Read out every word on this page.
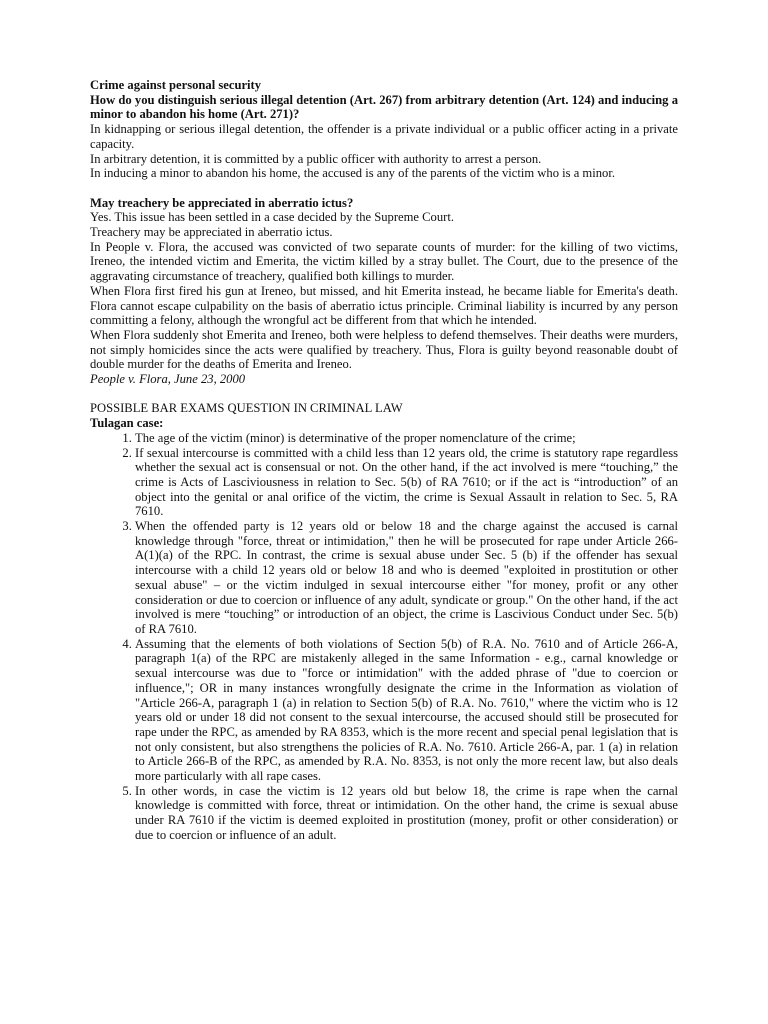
Crime against personal security

How do you distinguish serious illegal detention (Art. 267) from arbitrary detention (Art. 124) and inducing a minor to abandon his home (Art. 271)?

In kidnapping or serious illegal detention, the offender is a private individual or a public officer acting in a private capacity.

In arbitrary detention, it is committed by a public officer with authority to arrest a person.

In inducing a minor to abandon his home, the accused is any of the parents of the victim who is a minor.

May treachery be appreciated in aberratio ictus?

Yes. This issue has been settled in a case decided by the Supreme Court.

Treachery may be appreciated in aberratio ictus.

In People v. Flora, the accused was convicted of two separate counts of murder: for the killing of two victims, Ireneo, the intended victim and Emerita, the victim killed by a stray bullet. The Court, due to the presence of the aggravating circumstance of treachery, qualified both killings to murder.

When Flora first fired his gun at Ireneo, but missed, and hit Emerita instead, he became liable for Emerita's death. Flora cannot escape culpability on the basis of aberratio ictus principle. Criminal liability is incurred by any person committing a felony, although the wrongful act be different from that which he intended.

When Flora suddenly shot Emerita and Ireneo, both were helpless to defend themselves. Their deaths were murders, not simply homicides since the acts were qualified by treachery. Thus, Flora is guilty beyond reasonable doubt of double murder for the deaths of Emerita and Ireneo.

People v. Flora, June 23, 2000

POSSIBLE BAR EXAMS QUESTION IN CRIMINAL LAW

Tulagan case:

1. The age of the victim (minor) is determinative of the proper nomenclature of the crime;
2. If sexual intercourse is committed with a child less than 12 years old, the crime is statutory rape regardless whether the sexual act is consensual or not. On the other hand, if the act involved is mere “touching,” the crime is Acts of Lasciviousness in relation to Sec. 5(b) of RA 7610; or if the act is “introduction” of an object into the genital or anal orifice of the victim, the crime is Sexual Assault in relation to Sec. 5, RA 7610.
3. When the offended party is 12 years old or below 18 and the charge against the accused is carnal knowledge through "force, threat or intimidation," then he will be prosecuted for rape under Article 266-A(1)(a) of the RPC. In contrast, the crime is sexual abuse under Sec. 5 (b) if the offender has sexual intercourse with a child 12 years old or below 18 and who is deemed "exploited in prostitution or other sexual abuse" – or the victim indulged in sexual intercourse either "for money, profit or any other consideration or due to coercion or influence of any adult, syndicate or group." On the other hand, if the act involved is mere “touching” or introduction of an object, the crime is Lascivious Conduct under Sec. 5(b) of RA 7610.
4. Assuming that the elements of both violations of Section 5(b) of R.A. No. 7610 and of Article 266-A, paragraph 1(a) of the RPC are mistakenly alleged in the same Information - e.g., carnal knowledge or sexual intercourse was due to "force or intimidation" with the added phrase of "due to coercion or influence,"; OR in many instances wrongfully designate the crime in the Information as violation of "Article 266-A, paragraph 1 (a) in relation to Section 5(b) of R.A. No. 7610," where the victim who is 12 years old or under 18 did not consent to the sexual intercourse, the accused should still be prosecuted for rape under the RPC, as amended by RA 8353, which is the more recent and special penal legislation that is not only consistent, but also strengthens the policies of R.A. No. 7610. Article 266-A, par. 1 (a) in relation to Article 266-B of the RPC, as amended by R.A. No. 8353, is not only the more recent law, but also deals more particularly with all rape cases.
5. In other words, in case the victim is 12 years old but below 18, the crime is rape when the carnal knowledge is committed with force, threat or intimidation. On the other hand, the crime is sexual abuse under RA 7610 if the victim is deemed exploited in prostitution (money, profit or other consideration) or due to coercion or influence of an adult.
